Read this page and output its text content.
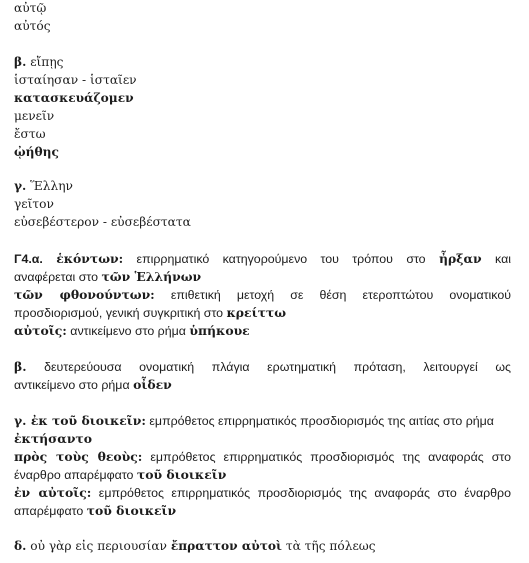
αὐτῷ
αὐτός
β. εἴπῃς
ἱσταίησαν - ἱσταῖεν
κατασκευάζομεν
μενεῖν
ἔστω
ᾠήθης
γ. Ἕλλην
γεῖτον
εὐσεβέστερον - εὐσεβέστατα
Γ4.α. ἑκόντων: επιρρηματικό κατηγορούμενο του τρόπου στο ἦρξαν και
αναφέρεται στο τῶν Ἑλλήνων
τῶν φθονούντων: επιθετική μετοχή σε θέση ετεροπτώτου ονοματικού
προσδιορισμού, γενική συγκριτική στο κρείττω
αὐτοῖς: αντικείμενο στο ρήμα ὑπήκουε
β. δευτερεύουσα ονοματική πλάγια ερωτηματική πρόταση, λειτουργεί ως
αντικείμενο στο ρήμα οἶδεν
γ. ἐκ τοῦ διοικεῖν: εμπρόθετος επιρρηματικός προσδιορισμός της αιτίας στο ρήμα
ἐκτήσαντο
πρὸς τοὺς θεοὺς: εμπρόθετος επιρρηματικός προσδιορισμός της αναφοράς στο
έναρθρο απαρέμφατο τοῦ διοικεῖν
ἐν αὐτοῖς: εμπρόθετος επιρρηματικός προσδιορισμός της αναφοράς στο έναρθρο
απαρέμφατο τοῦ διοικεῖν
δ. οὐ γὰρ εἰς περιουσίαν ἔπραττον αὐτοὶ τὰ τῆς πόλεως
